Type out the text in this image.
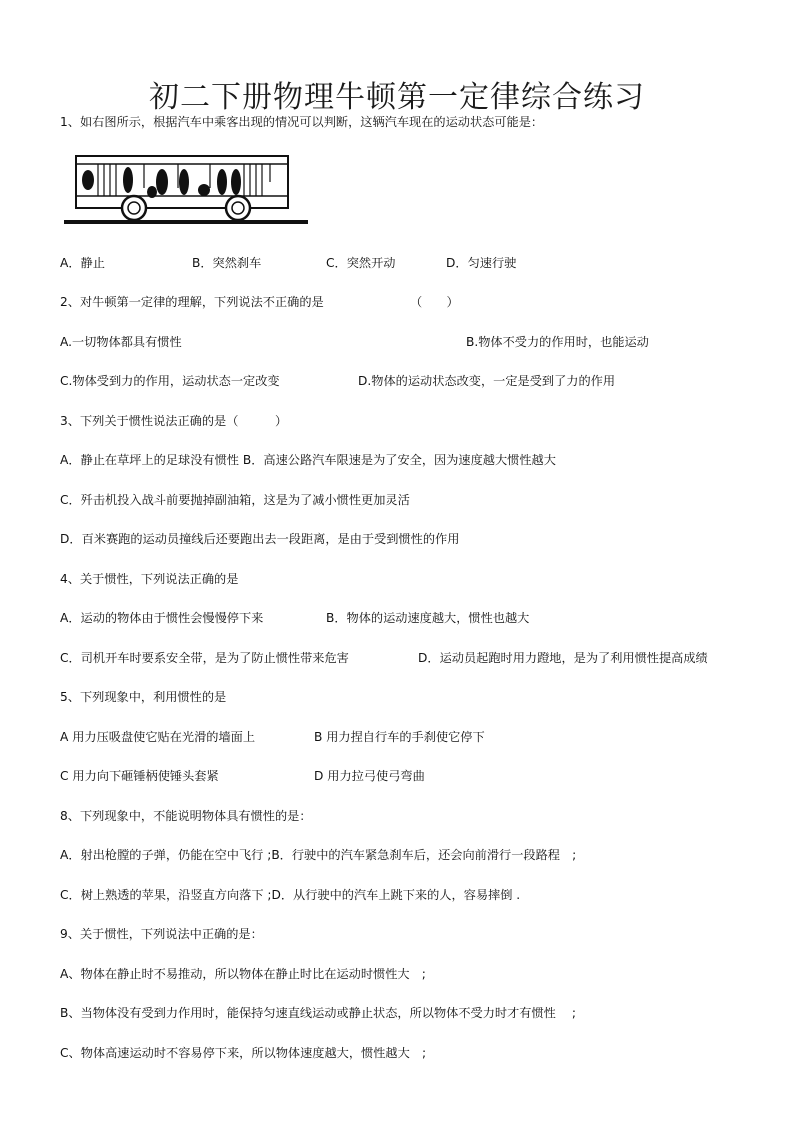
初二下册物理牛顿第一定律综合练习
1、如右图所示，根据汽车中乘客出现的情况可以判断，这辆汽车现在的运动状态可能是：
A．静止	B．突然刹车	C．突然开动	D．匀速行驶
2、对牛顿第一定律的理解，下列说法不正确的是	（　　）
A.一切物体都具有惯性	B.物体不受力的作用时，也能运动
C.物体受到力的作用，运动状态一定改变	D.物体的运动状态改变，一定是受到了力的作用
3、下列关于惯性说法正确的是（　　　）
A．静止在草坪上的足球没有惯性 B．高速公路汽车限速是为了安全，因为速度越大惯性越大
C．歼击机投入战斗前要抛掉副油箱，这是为了减小惯性更加灵活
D．百米赛跑的运动员撞线后还要跑出去一段距离，是由于受到惯性的作用
4、关于惯性，下列说法正确的是
A．运动的物体由于惯性会慢慢停下来	B．物体的运动速度越大，惯性也越大
C．司机开车时要系安全带，是为了防止惯性带来危害	D．运动员起跑时用力蹬地，是为了利用惯性提高成绩
5、下列现象中，利用惯性的是
A 用力压吸盘使它贴在光滑的墙面上	B 用力捏自行车的手刹使它停下
C 用力向下砸锤柄使锤头套紧	D 用力拉弓使弓弯曲
8、下列现象中，不能说明物体具有惯性的是：
A．射出枪膛的子弹，仍能在空中飞行 ;B．行驶中的汽车紧急刹车后，还会向前滑行一段路程　;
C．树上熟透的苹果，沿竖直方向落下 ;D．从行驶中的汽车上跳下来的人，容易摔倒 .
9、关于惯性，下列说法中正确的是：
A、物体在静止时不易推动，所以物体在静止时比在运动时惯性大　;
B、当物体没有受到力作用时，能保持匀速直线运动或静止状态，所以物体不受力时才有惯性　 ;
C、物体高速运动时不容易停下来，所以物体速度越大，惯性越大　;
